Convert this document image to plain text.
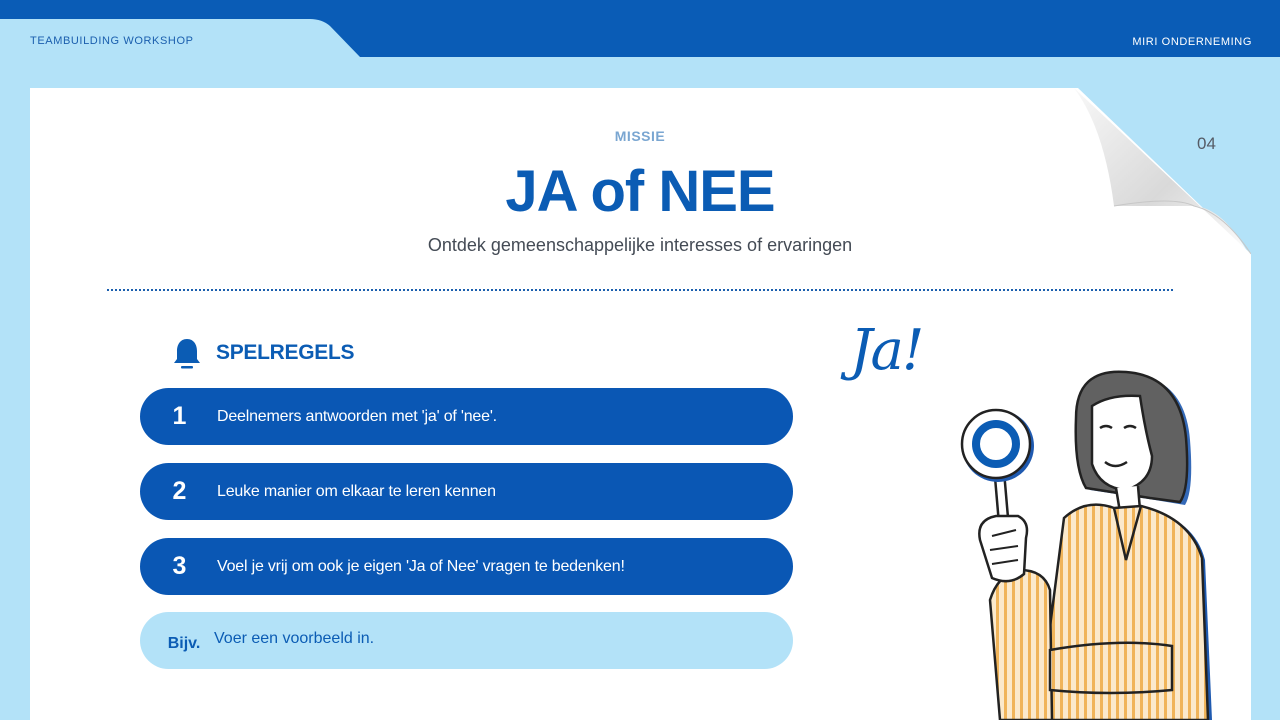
TEAMBUILDING WORKSHOP	MIRI ONDERNEMING
04
MISSIE
JA of NEE
Ontdek gemeenschappelijke interesses of ervaringen
SPELREGELS
1	Deelnemers antwoorden met 'ja' of 'nee'.
2	Leuke manier om elkaar te leren kennen
3	Voel je vrij om ook je eigen 'Ja of Nee' vragen te bedenken!
Bijv. Voer een voorbeeld in.
Ja!
